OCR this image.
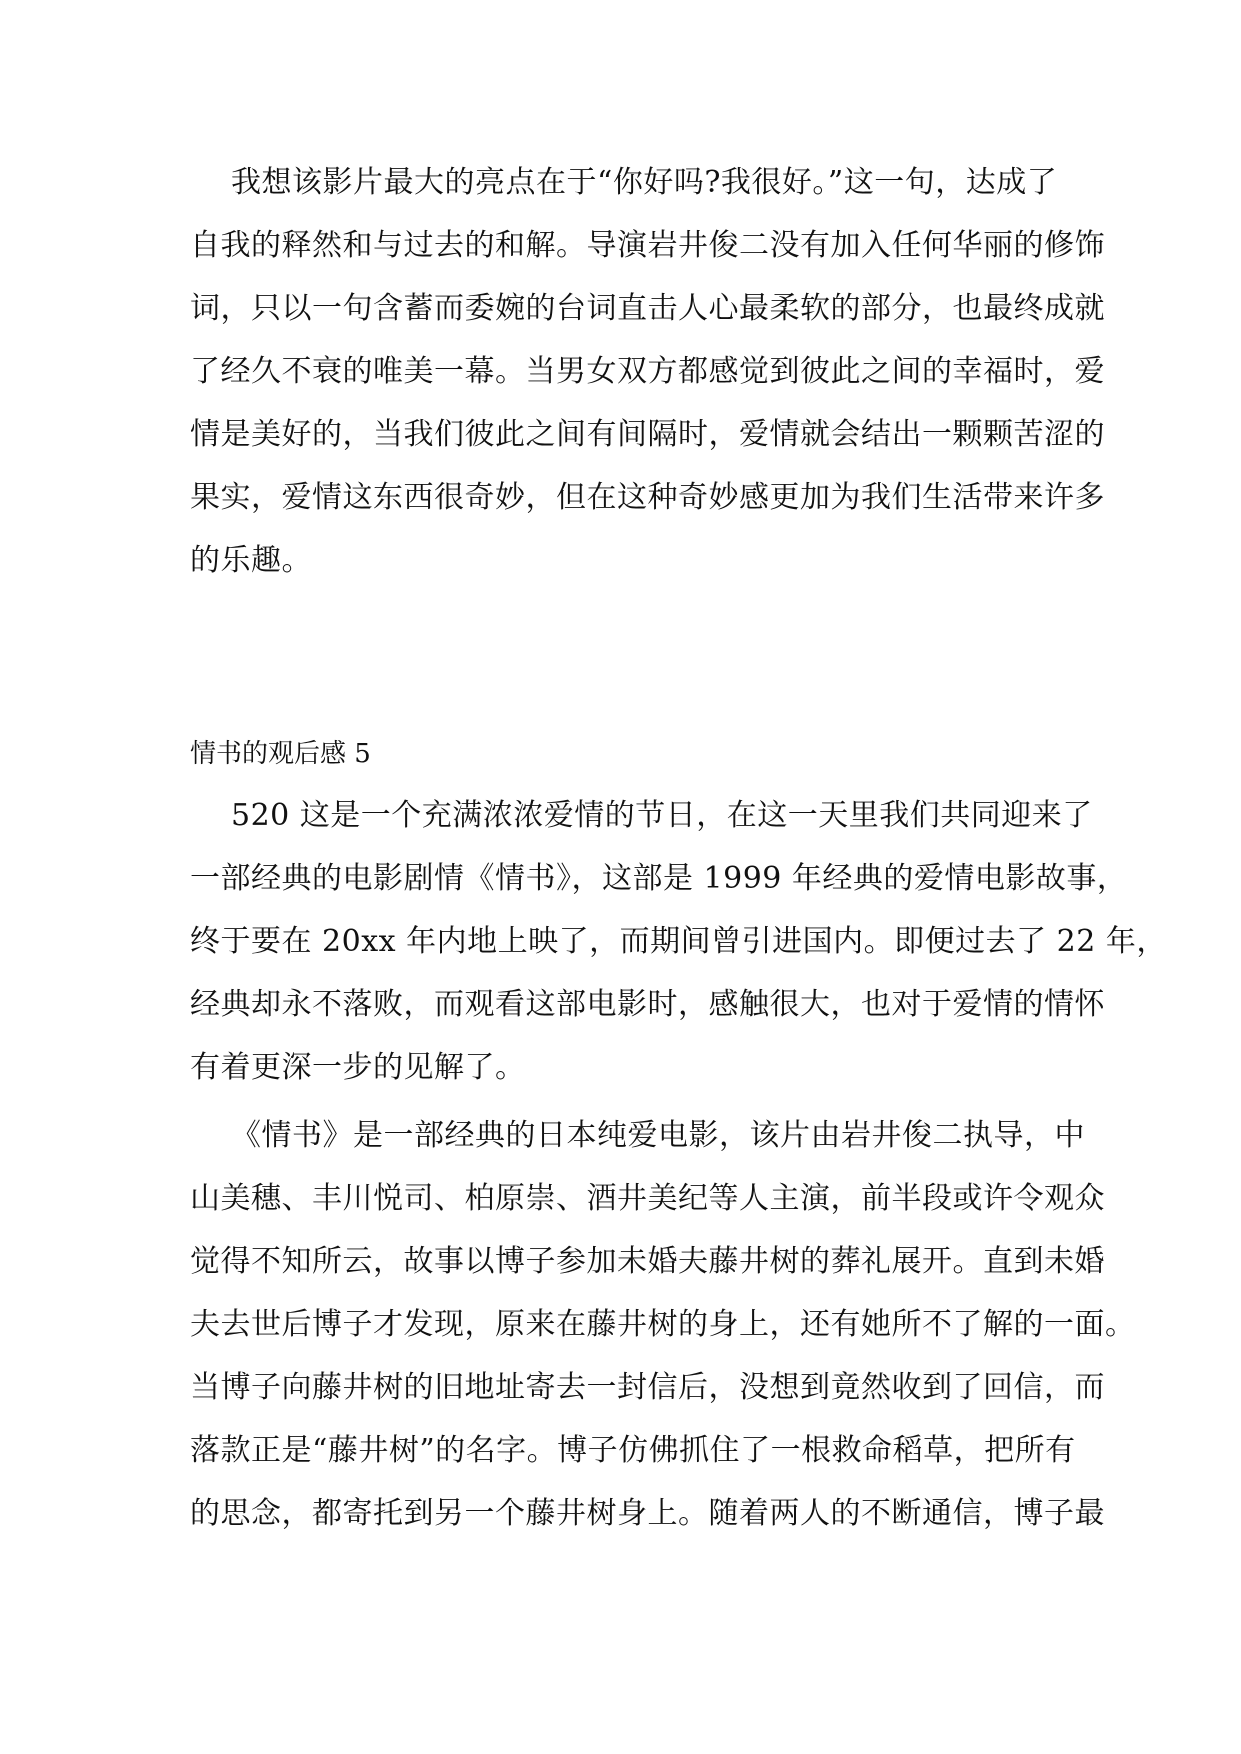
我想该影片最大的亮点在于“你好吗?我很好。”这一句，达成了
自我的释然和与过去的和解。导演岩井俊二没有加入任何华丽的修饰
词，只以一句含蓄而委婉的台词直击人心最柔软的部分，也最终成就
了经久不衰的唯美一幕。当男女双方都感觉到彼此之间的幸福时，爱
情是美好的，当我们彼此之间有间隔时，爱情就会结出一颗颗苦涩的
果实，爱情这东西很奇妙，但在这种奇妙感更加为我们生活带来许多
的乐趣。
情书的观后感 5
520 这是一个充满浓浓爱情的节日，在这一天里我们共同迎来了
一部经典的电影剧情《情书》，这部是 1999 年经典的爱情电影故事，
终于要在 20xx 年内地上映了，而期间曾引进国内。即便过去了 22 年，
经典却永不落败，而观看这部电影时，感触很大，也对于爱情的情怀
有着更深一步的见解了。
《情书》是一部经典的日本纯爱电影，该片由岩井俊二执导，中
山美穗、丰川悦司、柏原崇、酒井美纪等人主演，前半段或许令观众
觉得不知所云，故事以博子参加未婚夫藤井树的葬礼展开。直到未婚
夫去世后博子才发现，原来在藤井树的身上，还有她所不了解的一面。
当博子向藤井树的旧地址寄去一封信后，没想到竟然收到了回信，而
落款正是“藤井树”的名字。博子仿佛抓住了一根救命稻草，把所有
的思念，都寄托到另一个藤井树身上。随着两人的不断通信，博子最
